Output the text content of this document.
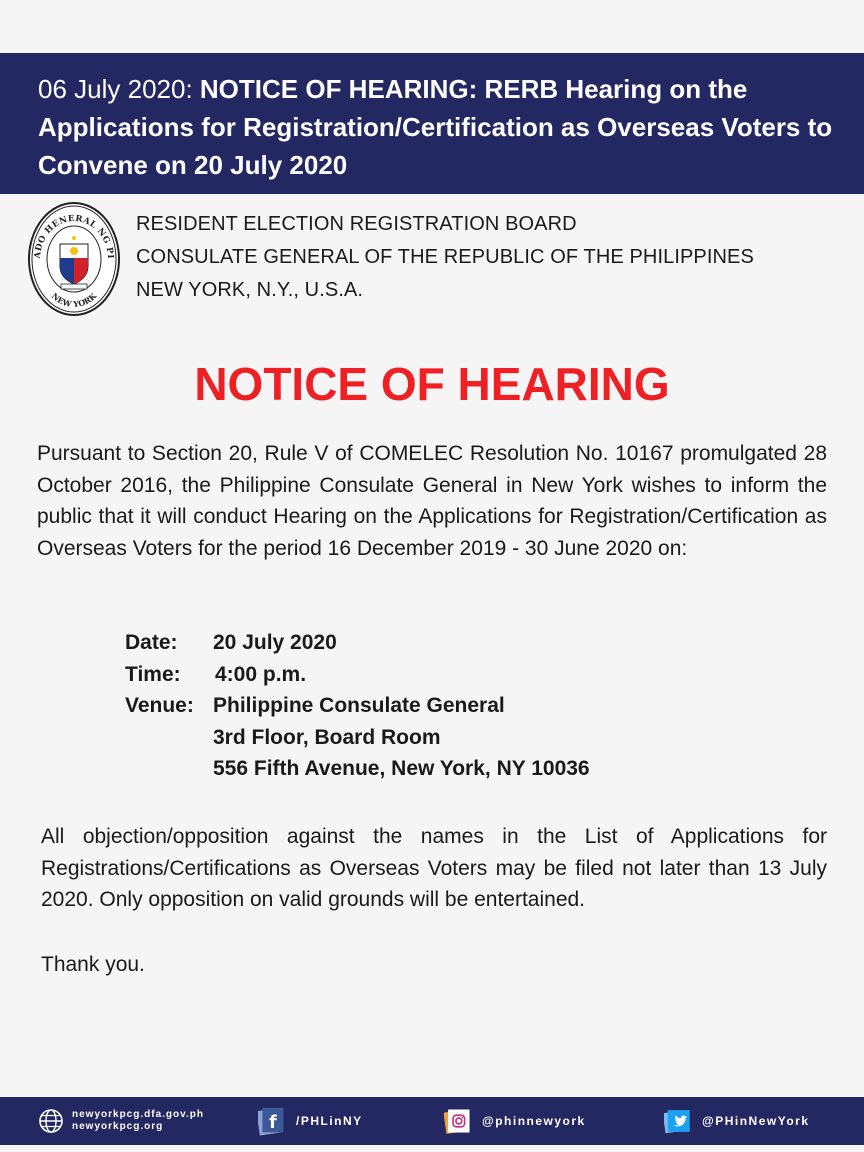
06 July 2020: NOTICE OF HEARING: RERB Hearing on the Applications for Registration/Certification as Overseas Voters to Convene on 20 July 2020
ADO HENERAL NG PI
NEW YORK
RESIDENT ELECTION REGISTRATION BOARD
CONSULATE GENERAL OF THE REPUBLIC OF THE PHILIPPINES
NEW YORK, N.Y., U.S.A.
NOTICE OF HEARING
Pursuant to Section 20, Rule V of COMELEC Resolution No. 10167 promulgated 28 October 2016, the Philippine Consulate General in New York wishes to inform the public that it will conduct Hearing on the Applications for Registration/Certification as Overseas Voters for the period 16 December 2019 - 30 June 2020 on:
Date:	20 July 2020
Time:	4:00 p.m.
Venue: Philippine Consulate General
3rd Floor, Board Room
556 Fifth Avenue, New York, NY 10036
All objection/opposition against the names in the List of Applications for Registrations/Certifications as Overseas Voters may be filed not later than 13 July 2020. Only opposition on valid grounds will be entertained.
Thank you.
newyorkpcg.dfa.gov.ph
newyorkpcg.org	f /PHLinNY	@phinnewyork	@PHinNewYork
